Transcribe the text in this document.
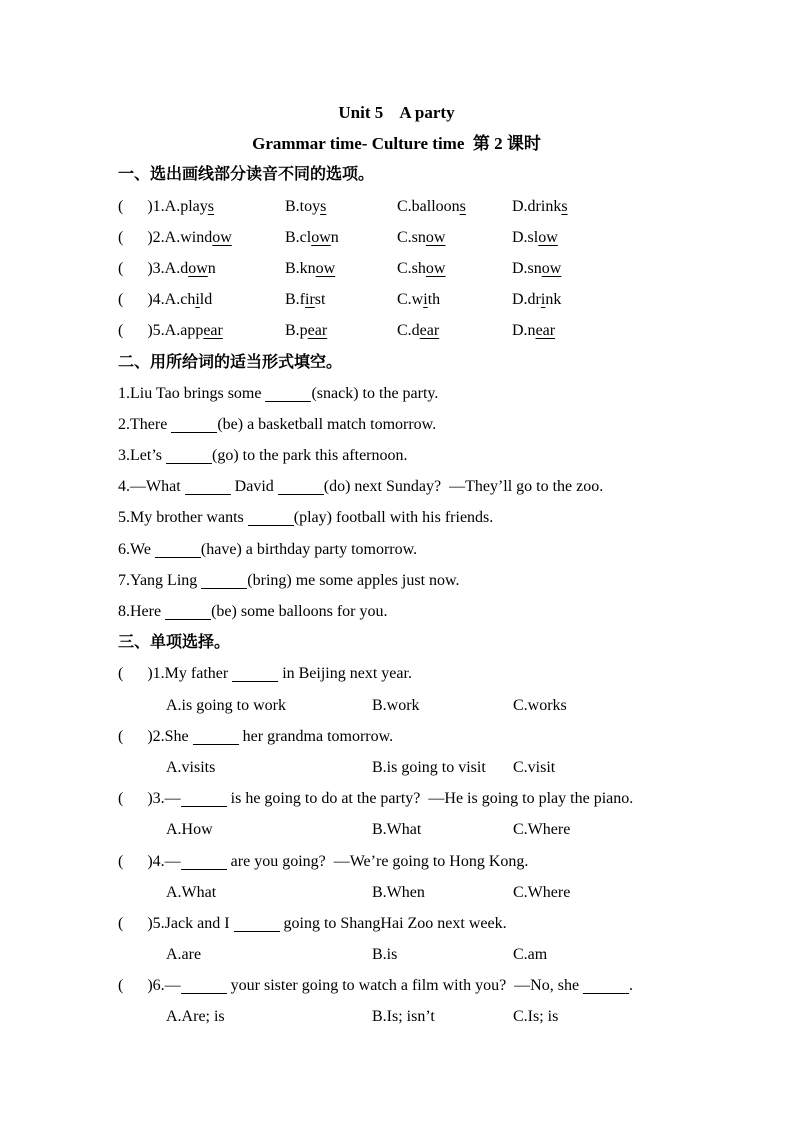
Unit 5    A party
Grammar time- Culture time  第 2 课时
一、选出画线部分读音不同的选项。
(      )1.A.plays	B.toys	C.balloons	D.drinks
(      )2.A.window	B.clown	C.snow	D.slow
(      )3.A.down	B.know	C.show	D.snow
(      )4.A.child	B.first	C.with	D.drink
(      )5.A.appear	B.pear	C.dear	D.near
二、用所给词的适当形式填空。
1.Liu Tao brings some	(snack) to the party.
2.There	(be) a basketball match tomorrow.
3.Let’s	(go) to the park this afternoon.
4.—What	David	(do) next Sunday?  —They’ll go to the zoo.
5.My brother wants	(play) football with his friends.
6.We	(have) a birthday party tomorrow.
7.Yang Ling	(bring) me some apples just now.
8.Here	(be) some balloons for you.
三、单项选择。
(      )1.My father	in Beijing next year.
A.is going to work	B.work	C.works
(      )2.She	her grandma tomorrow.
A.visits	B.is going to visit C.visit
(      )3.—	is he going to do at the party?  —He is going to play the piano.
A.How	B.What	C.Where
(      )4.—	are you going?  —We’re going to Hong Kong.
A.What	B.When	C.Where
(      )5.Jack and I	going to ShangHai Zoo next week.
A.are	B.is	C.am
(      )6.—	your sister going to watch a film with you?  —No, she	.
A.Are; is	B.Is; isn’t	C.Is; is
